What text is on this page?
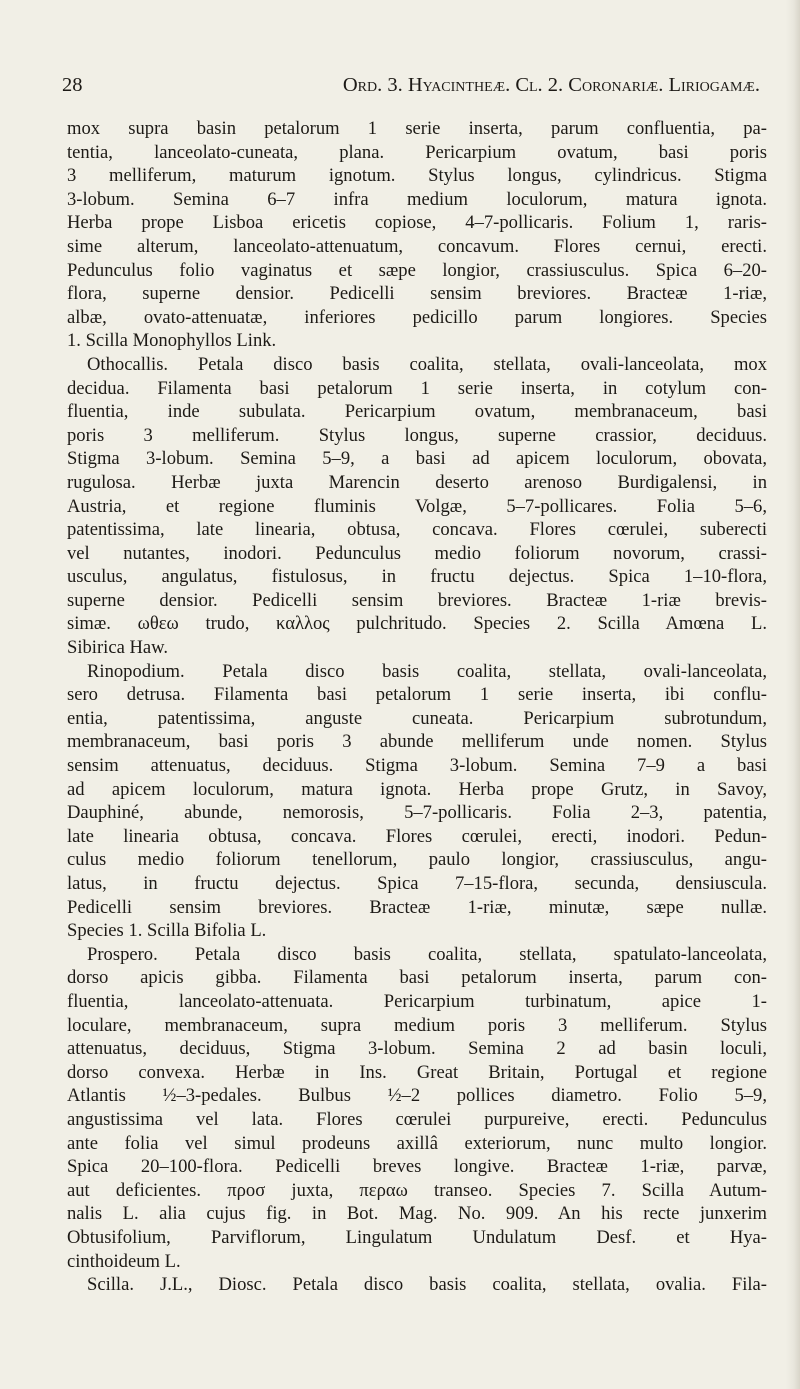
28	Ord. 3. Hyacintheæ. Cl. 2. Coronariæ. Liriogamæ.
mox supra basin petalorum 1 serie inserta, parum confluentia, pa-
tentia, lanceolato-cuneata, plana. Pericarpium ovatum, basi poris
3 melliferum, maturum ignotum. Stylus longus, cylindricus. Stigma
3-lobum. Semina 6–7 infra medium loculorum, matura ignota.
Herba prope Lisboa ericetis copiose, 4–7-pollicaris. Folium 1, raris-
sime alterum, lanceolato-attenuatum, concavum. Flores cernui, erecti.
Pedunculus folio vaginatus et sæpe longior, crassiusculus. Spica 6–20-
flora, superne densior. Pedicelli sensim breviores. Bracteæ 1-riæ,
albæ, ovato-attenuatæ, inferiores pedicillo parum longiores. Species
1. Scilla Monophyllos Link.
Othocallis. Petala disco basis coalita, stellata, ovali-lanceolata, mox
decidua. Filamenta basi petalorum 1 serie inserta, in cotylum con-
fluentia, inde subulata. Pericarpium ovatum, membranaceum, basi
poris 3 melliferum. Stylus longus, superne crassior, deciduus.
Stigma 3-lobum. Semina 5–9, a basi ad apicem loculorum, obovata,
rugulosa. Herbæ juxta Marencin deserto arenoso Burdigalensi, in
Austria, et regione fluminis Volgæ, 5–7-pollicares. Folia 5–6,
patentissima, late linearia, obtusa, concava. Flores cœrulei, suberecti
vel nutantes, inodori. Pedunculus medio foliorum novorum, crassi-
usculus, angulatus, fistulosus, in fructu dejectus. Spica 1–10-flora,
superne densior. Pedicelli sensim breviores. Bracteæ 1-riæ brevis-
simæ. ωθεω trudo, καλλος pulchritudo. Species 2. Scilla Amœna L.
Sibirica Haw.
Rinopodium. Petala disco basis coalita, stellata, ovali-lanceolata,
sero detrusa. Filamenta basi petalorum 1 serie inserta, ibi conflu-
entia, patentissima, anguste cuneata. Pericarpium subrotundum,
membranaceum, basi poris 3 abunde melliferum unde nomen. Stylus
sensim attenuatus, deciduus. Stigma 3-lobum. Semina 7–9 a basi
ad apicem loculorum, matura ignota. Herba prope Grutz, in Savoy,
Dauphiné, abunde, nemorosis, 5–7-pollicaris. Folia 2–3, patentia,
late linearia obtusa, concava. Flores cœrulei, erecti, inodori. Pedun-
culus medio foliorum tenellorum, paulo longior, crassiusculus, angu-
latus, in fructu dejectus. Spica 7–15-flora, secunda, densiuscula.
Pedicelli sensim breviores. Bracteæ 1-riæ, minutæ, sæpe nullæ.
Species 1. Scilla Bifolia L.
Prospero. Petala disco basis coalita, stellata, spatulato-lanceolata,
dorso apicis gibba. Filamenta basi petalorum inserta, parum con-
fluentia, lanceolato-attenuata. Pericarpium turbinatum, apice 1-
loculare, membranaceum, supra medium poris 3 melliferum. Stylus
attenuatus, deciduus, Stigma 3-lobum. Semina 2 ad basin loculi,
dorso convexa. Herbæ in Ins. Great Britain, Portugal et regione
Atlantis ½–3-pedales. Bulbus ½–2 pollices diametro. Folio 5–9,
angustissima vel lata. Flores cœrulei purpureive, erecti. Pedunculus
ante folia vel simul prodeuns axillâ exteriorum, nunc multo longior.
Spica 20–100-flora. Pedicelli breves longive. Bracteæ 1-riæ, parvæ,
aut deficientes. προσ juxta, περαω transeo. Species 7. Scilla Autum-
nalis L. alia cujus fig. in Bot. Mag. No. 909. An his recte junxerim
Obtusifolium, Parviflorum, Lingulatum Undulatum Desf. et Hya-
cinthoideum L.
Scilla. J.L., Diosc. Petala disco basis coalita, stellata, ovalia. Fila-
